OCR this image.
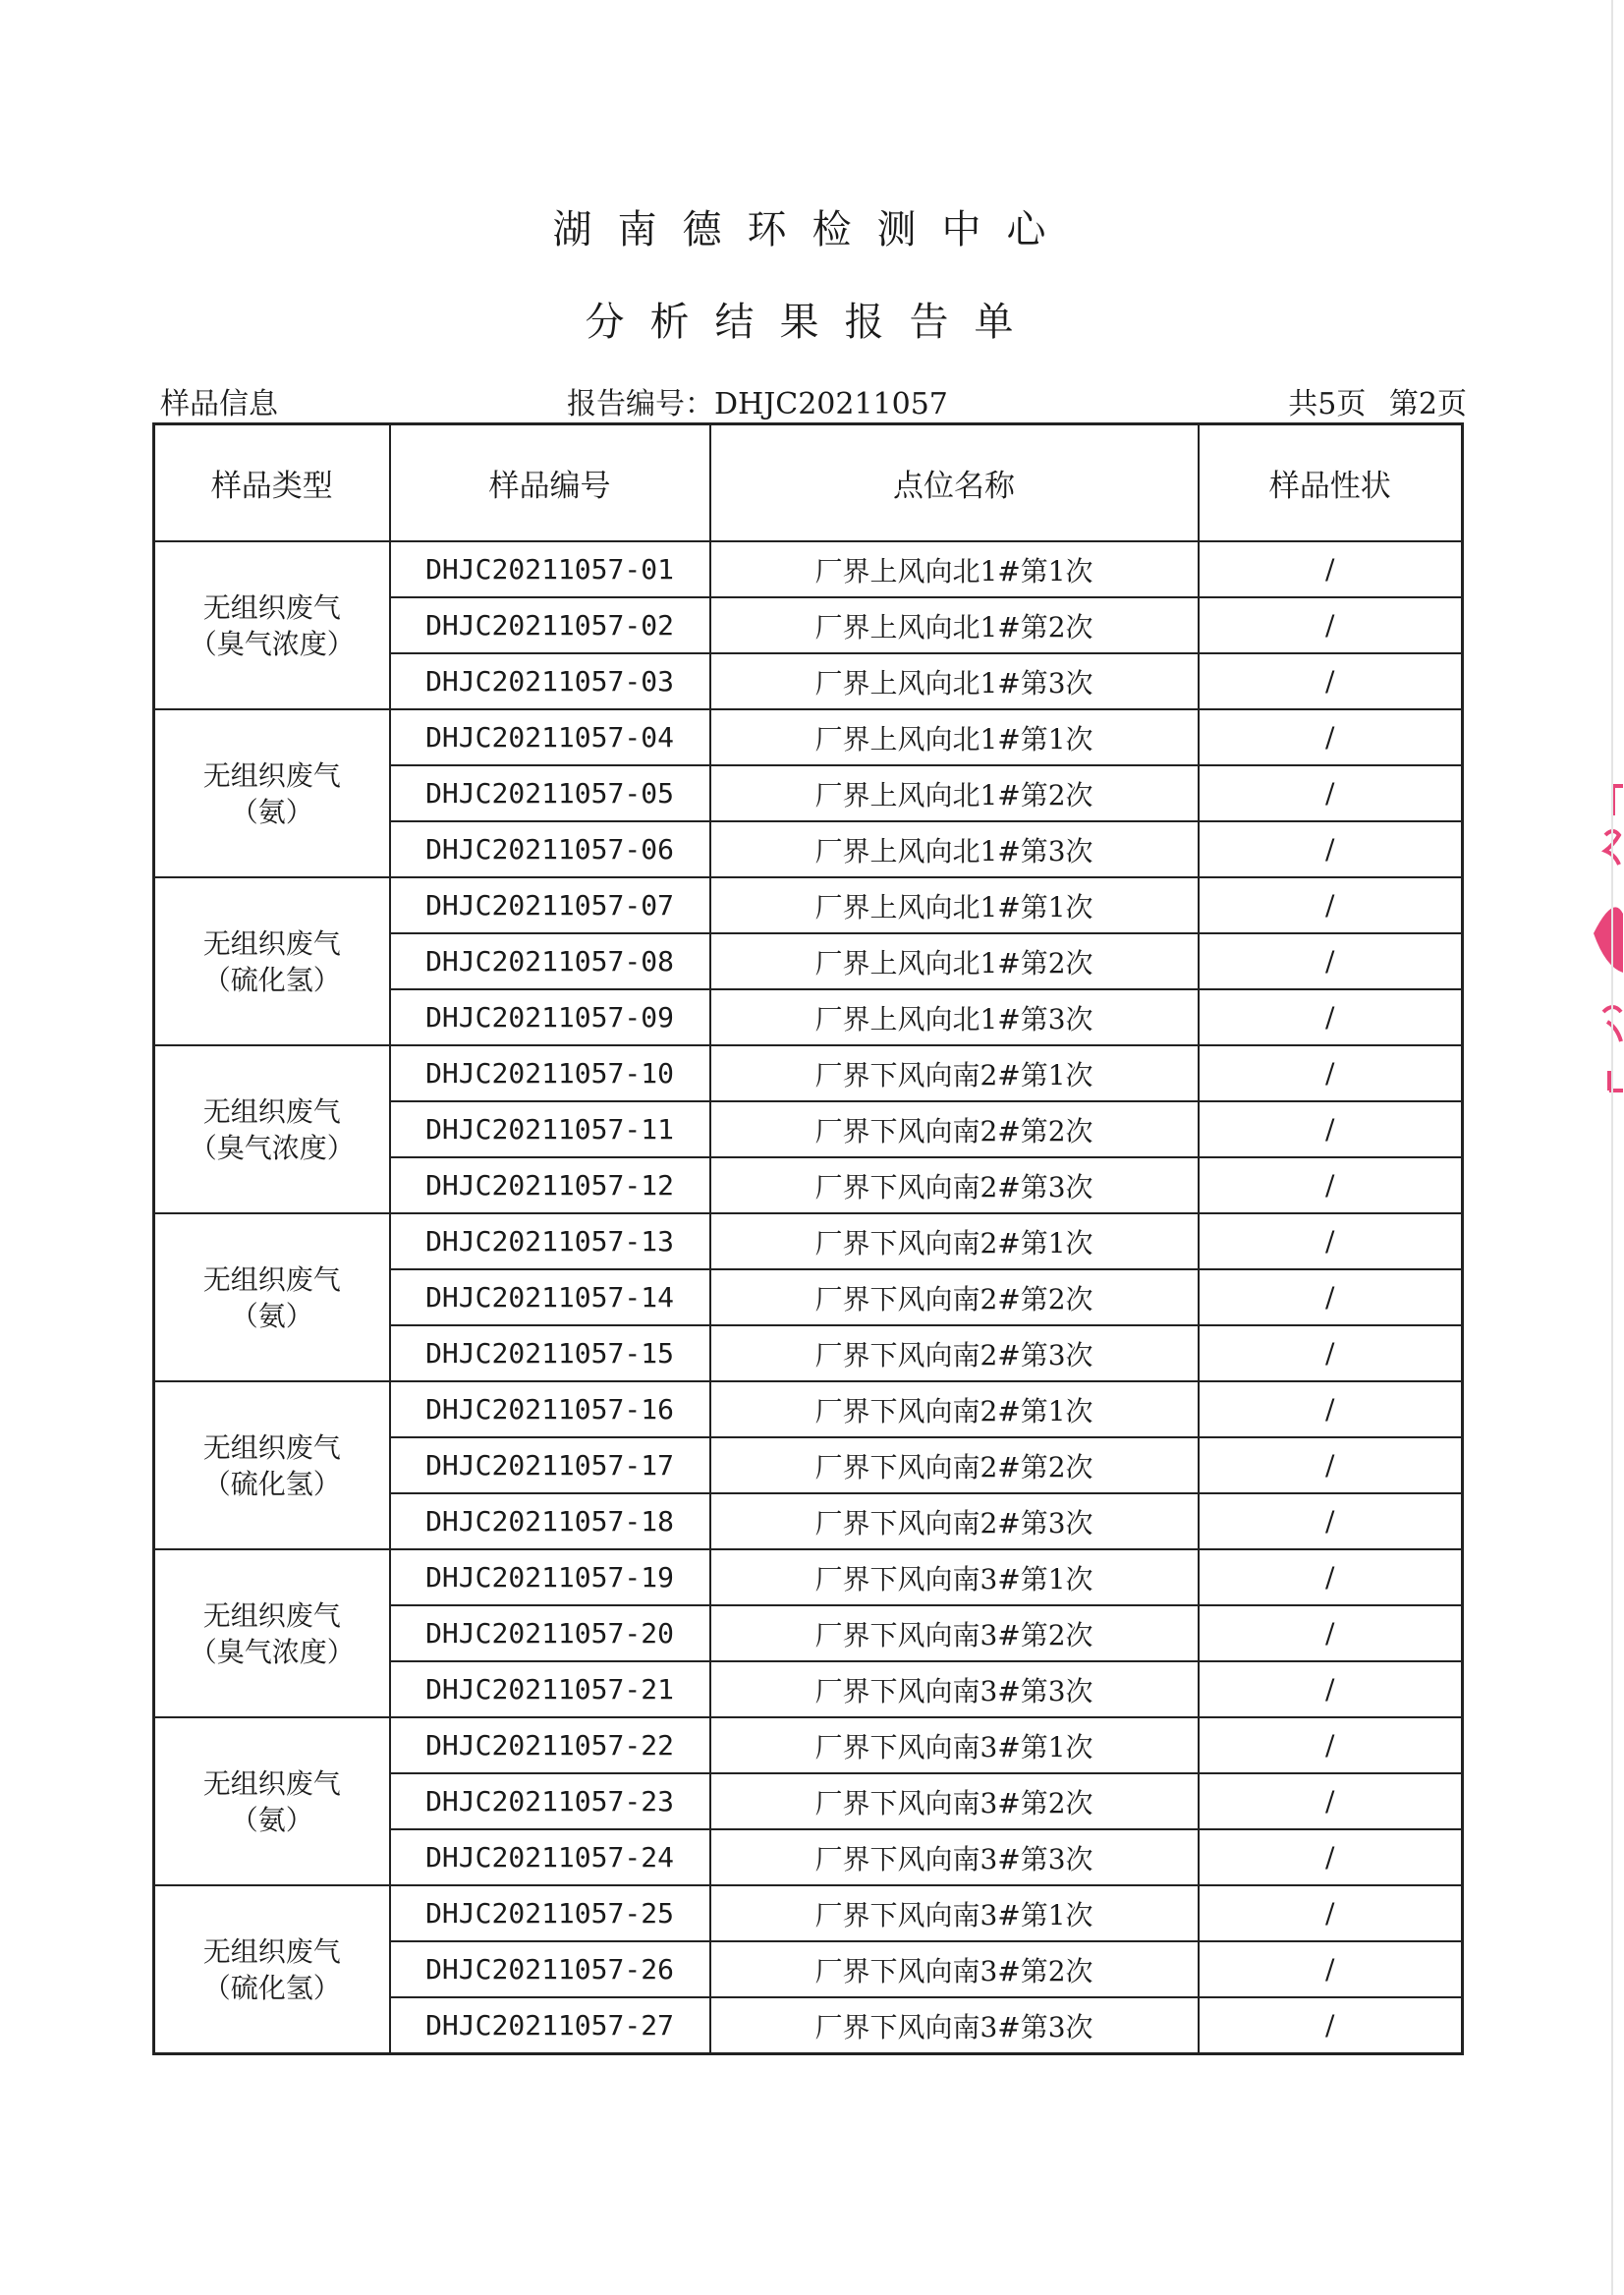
湖南德环检测中心
分析结果报告单
样品信息	报告编号：DHJC20211057	共5页 第2页
样品类型	样品编号	点位名称	样品性状

无组织废气
（臭气浓度）	DHJC20211057-01	厂界上风向北1#第1次	/
	DHJC20211057-02	厂界上风向北1#第2次	/
	DHJC20211057-03	厂界上风向北1#第3次	/

无组织废气
（氨）	DHJC20211057-04	厂界上风向北1#第1次	/
	DHJC20211057-05	厂界上风向北1#第2次	/
	DHJC20211057-06	厂界上风向北1#第3次	/

无组织废气
（硫化氢）	DHJC20211057-07	厂界上风向北1#第1次	/
	DHJC20211057-08	厂界上风向北1#第2次	/
	DHJC20211057-09	厂界上风向北1#第3次	/

无组织废气
（臭气浓度）	DHJC20211057-10	厂界下风向南2#第1次	/
	DHJC20211057-11	厂界下风向南2#第2次	/
	DHJC20211057-12	厂界下风向南2#第3次	/

无组织废气
（氨）	DHJC20211057-13	厂界下风向南2#第1次	/
	DHJC20211057-14	厂界下风向南2#第2次	/
	DHJC20211057-15	厂界下风向南2#第3次	/

无组织废气
（硫化氢）	DHJC20211057-16	厂界下风向南2#第1次	/
	DHJC20211057-17	厂界下风向南2#第2次	/
	DHJC20211057-18	厂界下风向南2#第3次	/

无组织废气
（臭气浓度）	DHJC20211057-19	厂界下风向南3#第1次	/
	DHJC20211057-20	厂界下风向南3#第2次	/
	DHJC20211057-21	厂界下风向南3#第3次	/

无组织废气
（氨）	DHJC20211057-22	厂界下风向南3#第1次	/
	DHJC20211057-23	厂界下风向南3#第2次	/
	DHJC20211057-24	厂界下风向南3#第3次	/

无组织废气
（硫化氢）	DHJC20211057-25	厂界下风向南3#第1次	/
	DHJC20211057-26	厂界下风向南3#第2次	/
	DHJC20211057-27	厂界下风向南3#第3次	/
